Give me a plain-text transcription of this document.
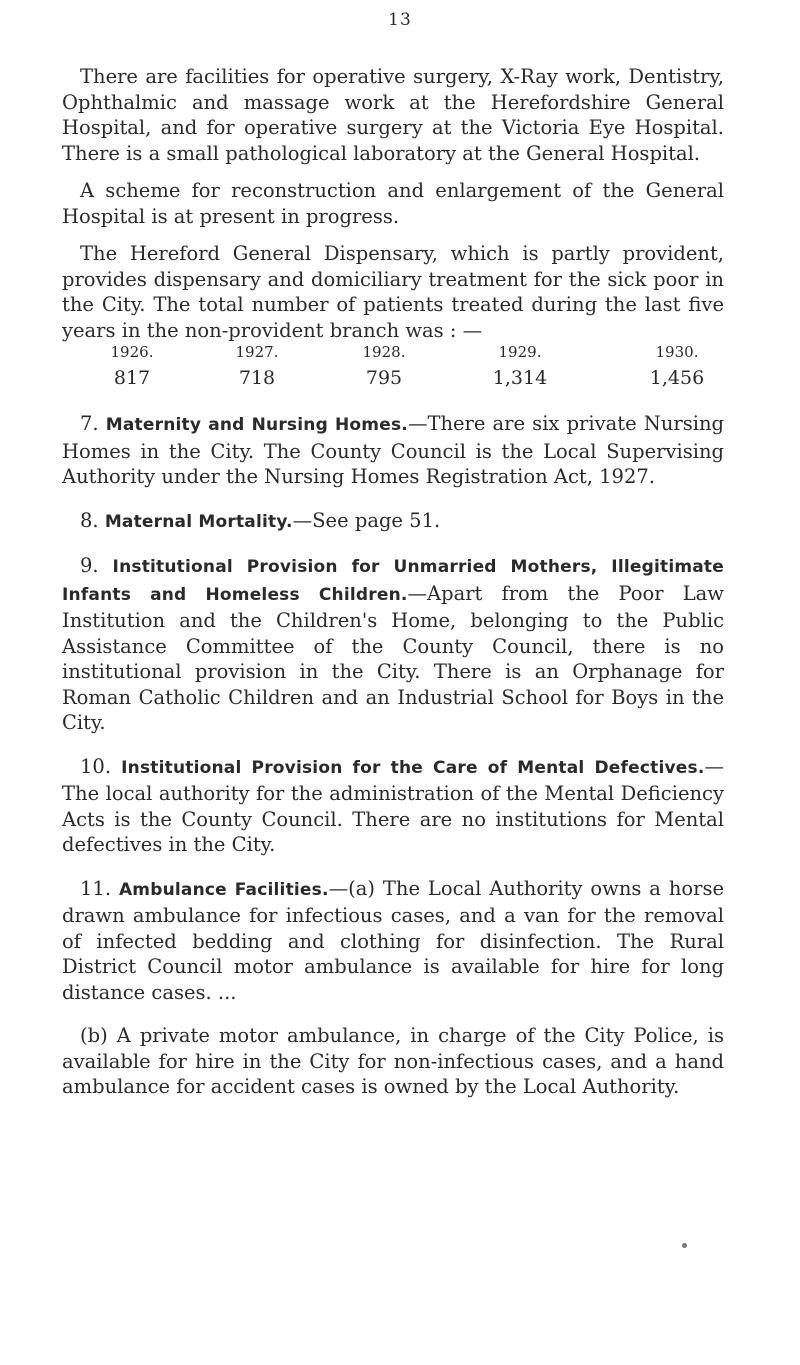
13

There are facilities for operative surgery, X-Ray work, Dentistry, Ophthalmic and massage work at the Herefordshire General Hospital, and for operative surgery at the Victoria Eye Hospital. There is a small pathological laboratory at the General Hospital.

A scheme for reconstruction and enlargement of the General Hospital is at present in progress.

The Hereford General Dispensary, which is partly provident, provides dispensary and domiciliary treatment for the sick poor in the City. The total number of patients treated during the last five years in the non-provident branch was : —

1926.	1927.	1928.	1929.	1930.
817	718	795	1,314	1,456

7. Maternity and Nursing Homes.—There are six private Nursing Homes in the City. The County Council is the Local Supervising Authority under the Nursing Homes Registration Act, 1927.

8. Maternal Mortality.—See page 51.

9. Institutional Provision for Unmarried Mothers, Illegitimate Infants and Homeless Children.—Apart from the Poor Law Institution and the Children's Home, belonging to the Public Assistance Committee of the County Council, there is no institutional provision in the City. There is an Orphanage for Roman Catholic Children and an Industrial School for Boys in the City.

10. Institutional Provision for the Care of Mental Defectives.—The local authority for the administration of the Mental Deficiency Acts is the County Council. There are no institutions for Mental defectives in the City.

11. Ambulance Facilities.—(a) The Local Authority owns a horse drawn ambulance for infectious cases, and a van for the removal of infected bedding and clothing for disinfection. The Rural District Council motor ambulance is available for hire for long distance cases. ...

(b) A private motor ambulance, in charge of the City Police, is available for hire in the City for non-infectious cases, and a hand ambulance for accident cases is owned by the Local Authority.
